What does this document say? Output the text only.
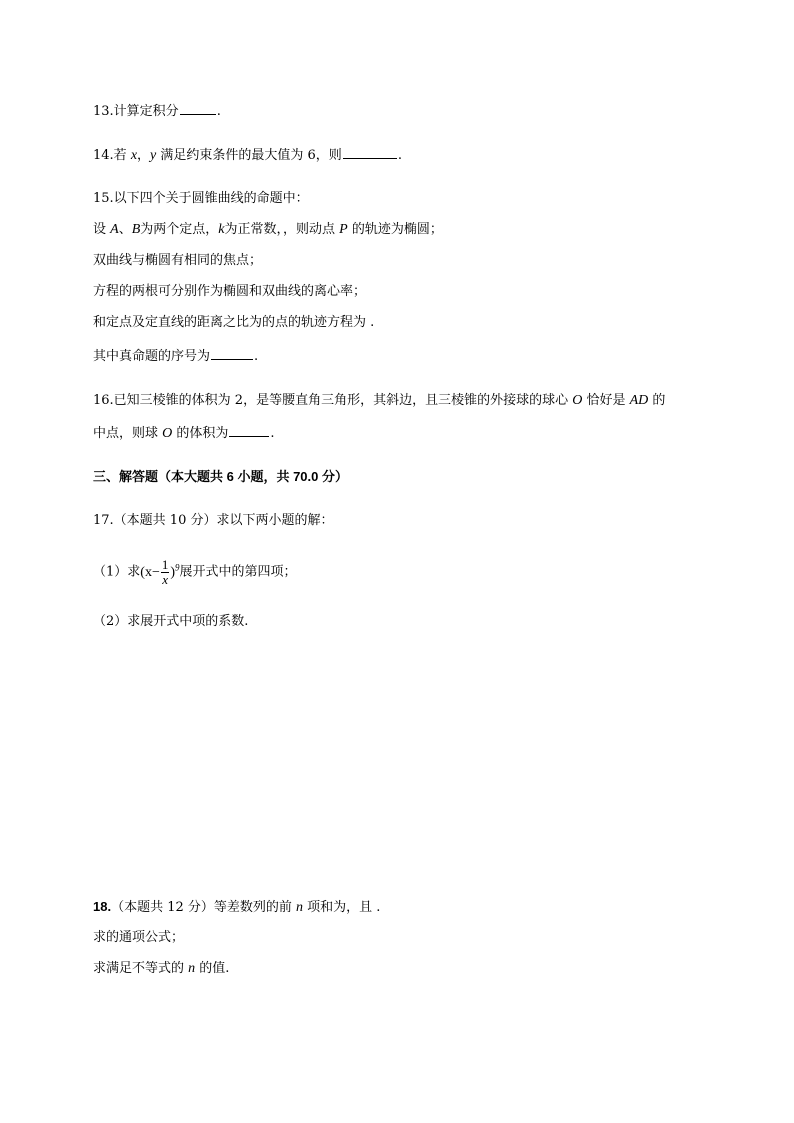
13.计算定积分	.
14.若 x，y 满足约束条件的最大值为 6，则	.
15.以下四个关于圆锥曲线的命题中：
设 A、B为两个定点，k为正常数，，则动点 P 的轨迹为椭圆；
双曲线与椭圆有相同的焦点；
方程的两根可分别作为椭圆和双曲线的离心率；
和定点及定直线的距离之比为的点的轨迹方程为 .
其中真命题的序号为	.
16.已知三棱锥的体积为 2，是等腰直角三角形，其斜边，且三棱锥的外接球的球心 O 恰好是 AD 的
中点，则球 O 的体积为	.
三、解答题（本大题共 6 小题，共 70.0 分）
17.（本题共 10 分）求以下两小题的解：
（1）求$(x- \frac{1}{x} )^9$展开式中的第四项；
（2）求展开式中项的系数.
18.（本题共 12 分）等差数列的前 n 项和为，且 .
求的通项公式；
求满足不等式的 n 的值.
